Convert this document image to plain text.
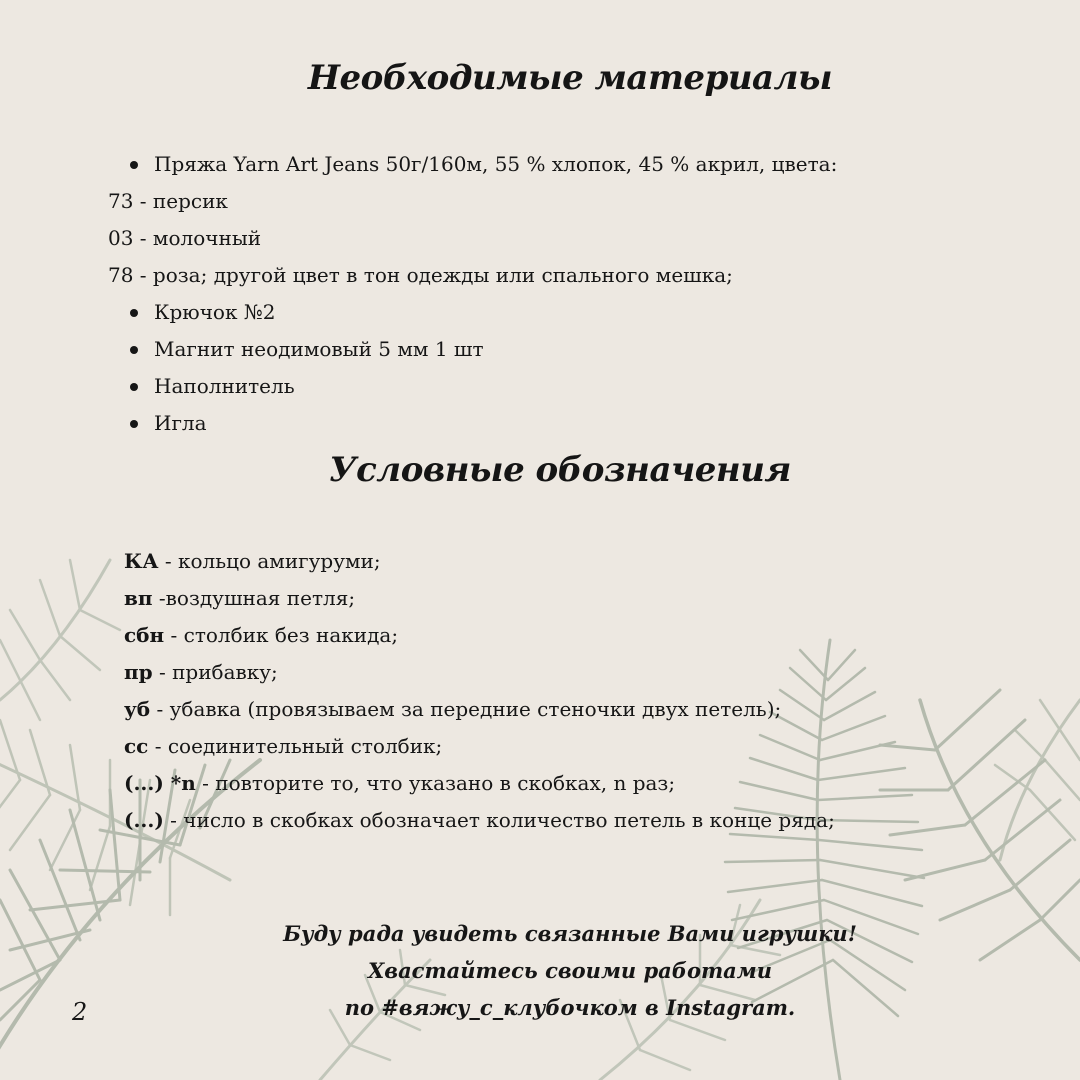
Необходимые материалы
Пряжа Yarn Art Jeans 50г/160м, 55 % хлопок, 45 % акрил, цвета:
73 - персик
03 - молочный
78 - роза; другой цвет в тон одежды или спального мешка;
Крючок №2
Магнит неодимовый 5 мм 1 шт
Наполнитель
Игла
Условные обозначения
КА - кольцо амигуруми;
вп -воздушная петля;
сбн - столбик без накида;
пр - прибавку;
уб - убавка (провязываем за передние стеночки двух петель);
сс - соединительный столбик;
(...) *n - повторите то, что указано в скобках, n раз;
(...) - число в скобках обозначает количество петель в конце ряда;
Буду рада увидеть связанные Вами игрушки!
Хвастайтесь своими работами
по #вяжу_с_клубочком в Instagram.
2
